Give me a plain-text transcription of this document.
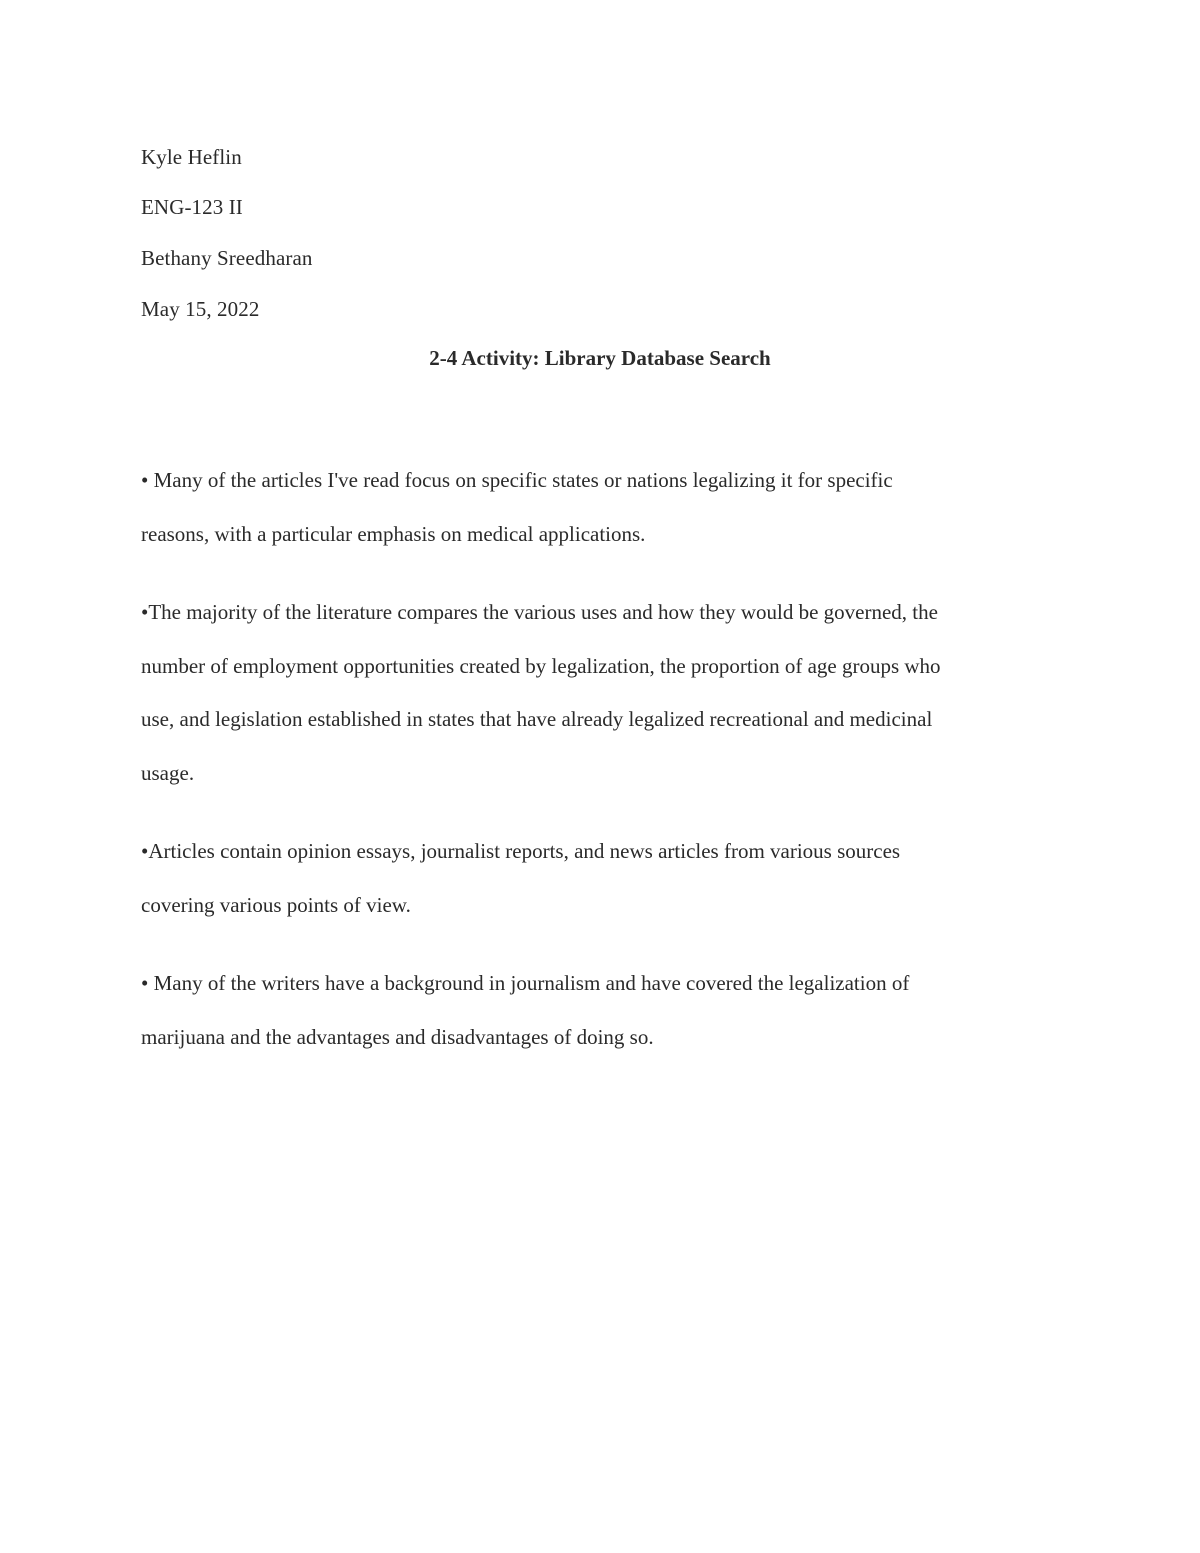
Kyle Heflin
ENG-123 II
Bethany Sreedharan
May 15, 2022
2-4 Activity: Library Database Search
• Many of the articles I've read focus on specific states or nations legalizing it for specific
reasons, with a particular emphasis on medical applications.
•The majority of the literature compares the various uses and how they would be governed, the
number of employment opportunities created by legalization, the proportion of age groups who
use, and legislation established in states that have already legalized recreational and medicinal
usage.
•Articles contain opinion essays, journalist reports, and news articles from various sources
covering various points of view.
• Many of the writers have a background in journalism and have covered the legalization of
marijuana and the advantages and disadvantages of doing so.
